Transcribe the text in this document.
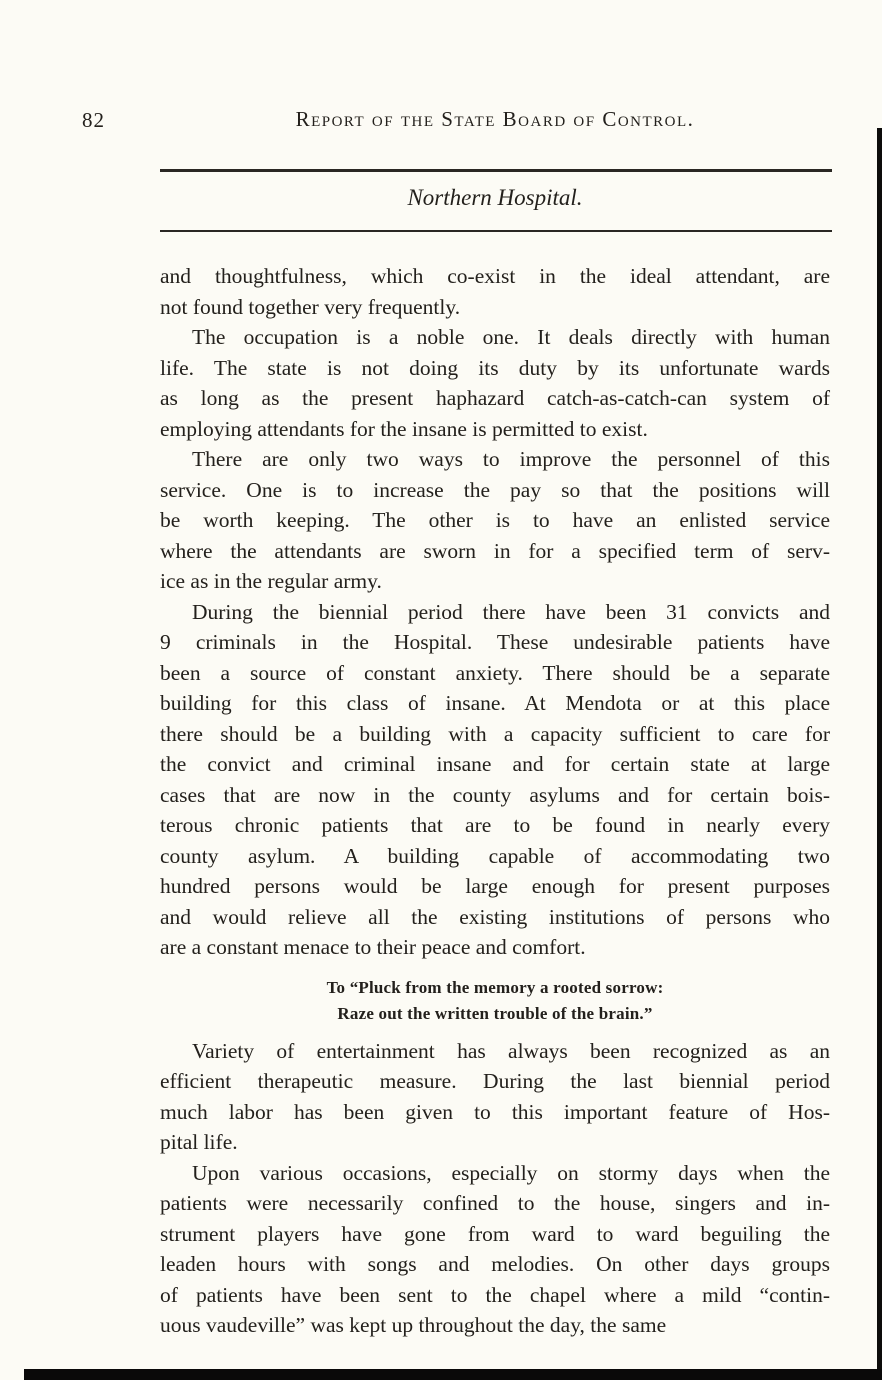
82	Report of the State Board of Control.
Northern Hospital.
and thoughtfulness, which co-exist in the ideal attendant, are
not found together very frequently.
The occupation is a noble one. It deals directly with human
life. The state is not doing its duty by its unfortunate wards
as long as the present haphazard catch-as-catch-can system of
employing attendants for the insane is permitted to exist.
There are only two ways to improve the personnel of this
service. One is to increase the pay so that the positions will
be worth keeping. The other is to have an enlisted service
where the attendants are sworn in for a specified term of serv-
ice as in the regular army.
During the biennial period there have been 31 convicts and
9 criminals in the Hospital. These undesirable patients have
been a source of constant anxiety. There should be a separate
building for this class of insane. At Mendota or at this place
there should be a building with a capacity sufficient to care for
the convict and criminal insane and for certain state at large
cases that are now in the county asylums and for certain bois-
terous chronic patients that are to be found in nearly every
county asylum. A building capable of accommodating two
hundred persons would be large enough for present purposes
and would relieve all the existing institutions of persons who
are a constant menace to their peace and comfort.
To “Pluck from the memory a rooted sorrow:
Raze out the written trouble of the brain.”
Variety of entertainment has always been recognized as an
efficient therapeutic measure. During the last biennial period
much labor has been given to this important feature of Hos-
pital life.
Upon various occasions, especially on stormy days when the
patients were necessarily confined to the house, singers and in-
strument players have gone from ward to ward beguiling the
leaden hours with songs and melodies. On other days groups
of patients have been sent to the chapel where a mild “contin-
uous vaudeville” was kept up throughout the day, the same
